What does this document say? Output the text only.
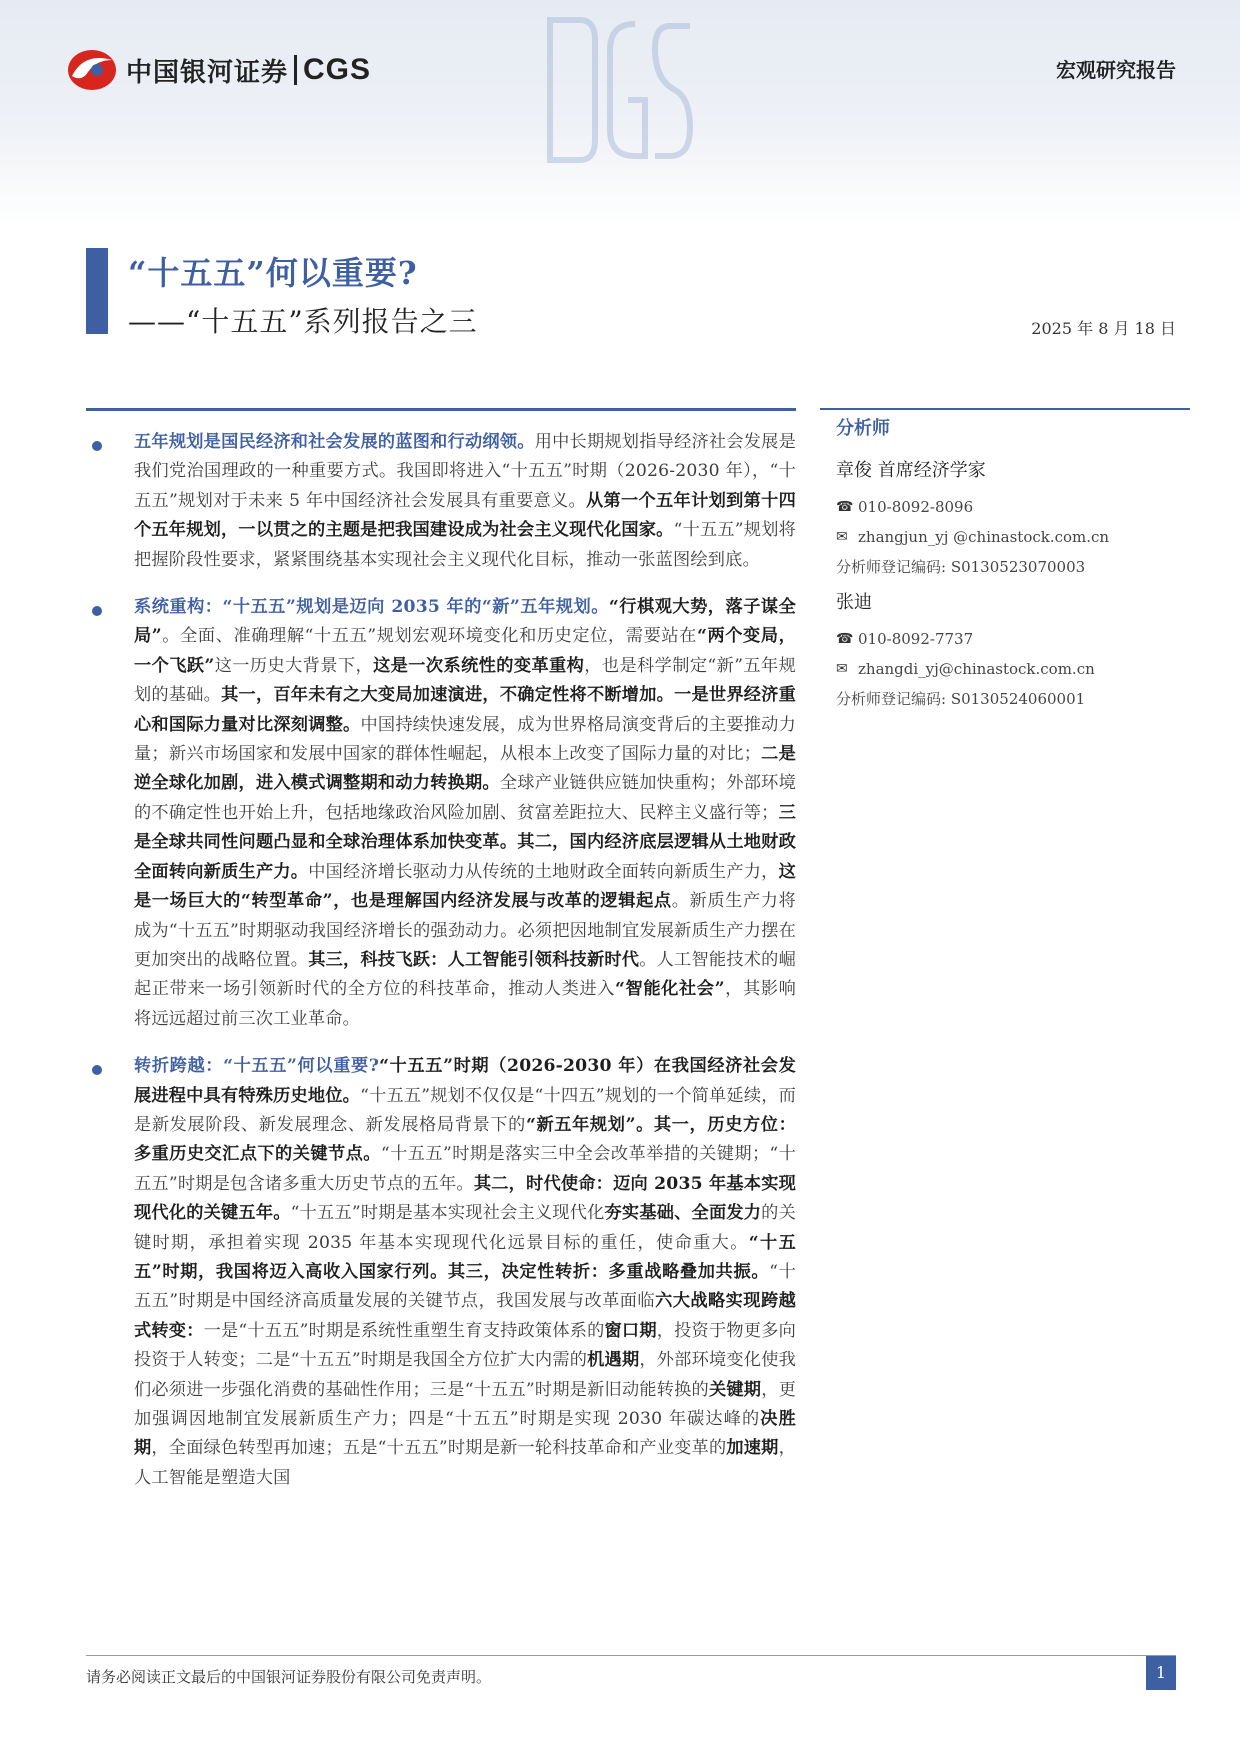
中国银河证券 CGS	宏观研究报告
“十五五”何以重要?
——“十五五”系列报告之三	2025 年 8 月 18 日

五年规划是国民经济和社会发展的蓝图和行动纲领。用中长期规划指导经济社会发展是我们党治国理政的一种重要方式。我国即将进入“十五五”时期（2026-2030 年），“十五五”规划对于未来 5 年中国经济社会发展具有重要意义。从第一个五年计划到第十四个五年规划，一以贯之的主题是把我国建设成为社会主义现代化国家。“十五五”规划将把握阶段性要求，紧紧围绕基本实现社会主义现代化目标，推动一张蓝图绘到底。

系统重构：“十五五”规划是迈向 2035 年的“新”五年规划。“行棋观大势，落子谋全局”。全面、准确理解“十五五”规划宏观环境变化和历史定位，需要站在“两个变局，一个飞跃”这一历史大背景下，这是一次系统性的变革重构，也是科学制定“新”五年规划的基础。其一，百年未有之大变局加速演进，不确定性将不断增加。一是世界经济重心和国际力量对比深刻调整。中国持续快速发展，成为世界格局演变背后的主要推动力量；新兴市场国家和发展中国家的群体性崛起，从根本上改变了国际力量的对比；二是逆全球化加剧，进入模式调整期和动力转换期。全球产业链供应链加快重构；外部环境的不确定性也开始上升，包括地缘政治风险加剧、贫富差距拉大、民粹主义盛行等；三是全球共同性问题凸显和全球治理体系加快变革。其二，国内经济底层逻辑从土地财政全面转向新质生产力。中国经济增长驱动力从传统的土地财政全面转向新质生产力，这是一场巨大的“转型革命”，也是理解国内经济发展与改革的逻辑起点。新质生产力将成为“十五五”时期驱动我国经济增长的强劲动力。必须把因地制宜发展新质生产力摆在更加突出的战略位置。其三，科技飞跃：人工智能引领科技新时代。人工智能技术的崛起正带来一场引领新时代的全方位的科技革命，推动人类进入“智能化社会”，其影响将远远超过前三次工业革命。

转折跨越：“十五五”何以重要?“十五五”时期（2026-2030 年）在我国经济社会发展进程中具有特殊历史地位。“十五五”规划不仅仅是“十四五”规划的一个简单延续，而是新发展阶段、新发展理念、新发展格局背景下的“新五年规划”。其一，历史方位：多重历史交汇点下的关键节点。“十五五”时期是落实三中全会改革举措的关键期；“十五五”时期是包含诸多重大历史节点的五年。其二，时代使命：迈向 2035 年基本实现现代化的关键五年。“十五五”时期是基本实现社会主义现代化夯实基础、全面发力的关键时期，承担着实现 2035 年基本实现现代化远景目标的重任，使命重大。“十五五”时期，我国将迈入高收入国家行列。其三，决定性转折：多重战略叠加共振。“十五五”时期是中国经济高质量发展的关键节点，我国发展与改革面临六大战略实现跨越式转变：一是“十五五”时期是系统性重塑生育支持政策体系的窗口期，投资于物更多向投资于人转变；二是“十五五”时期是我国全方位扩大内需的机遇期，外部环境变化使我们必须进一步强化消费的基础性作用；三是“十五五”时期是新旧动能转换的关键期，更加强调因地制宜发展新质生产力；四是“十五五”时期是实现 2030 年碳达峰的决胜期，全面绿色转型再加速；五是“十五五”时期是新一轮科技革命和产业变革的加速期，人工智能是塑造大国

分析师
章俊 首席经济学家
☎ 010-8092-8096
✉ zhangjun_yj @chinastock.com.cn
分析师登记编码: S0130523070003
张迪
☎ 010-8092-7737
✉ zhangdi_yj@chinastock.com.cn
分析师登记编码: S0130524060001
请务必阅读正文最后的中国银河证券股份有限公司免责声明。	1
